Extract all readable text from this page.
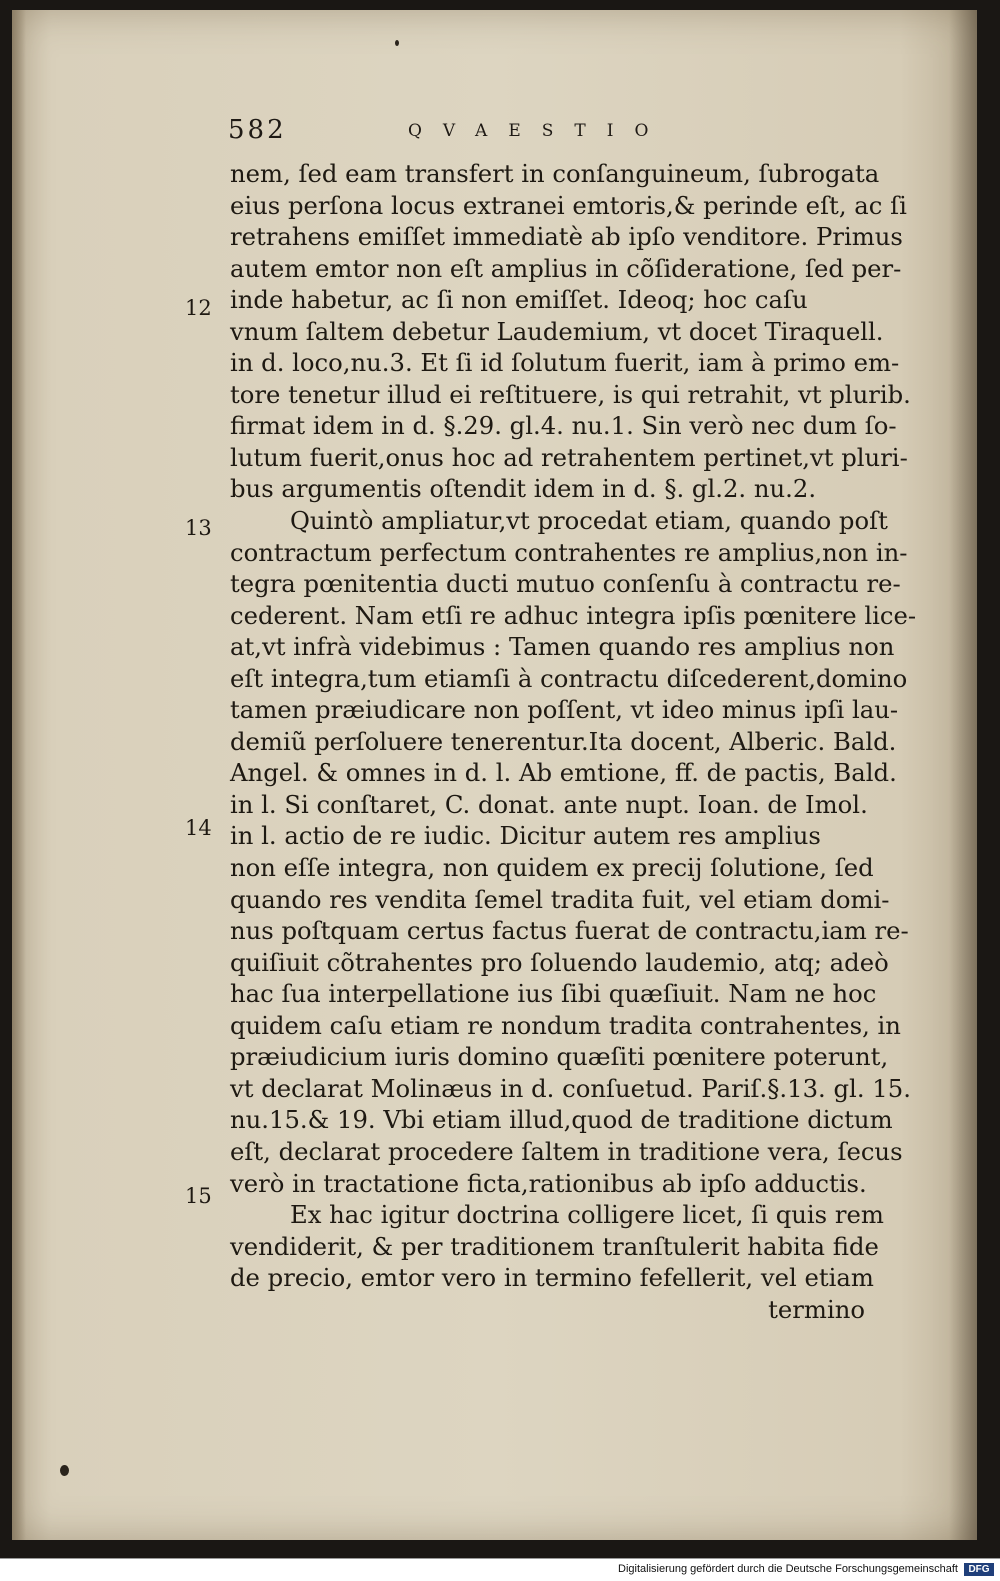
582	QVAESTIO
12
13
14
15
nem, ſed eam transfert in conſanguineum, ſubrogata
eius perſona locus extranei emtoris,& perinde eſt, ac ſi
retrahens emiſſet immediatè ab ipſo venditore. Primus
autem emtor non eſt amplius in cõſideratione, ſed per-
inde habetur, ac ſi non emiſſet. Ideoq; hoc caſu
vnum ſaltem debetur Laudemium, vt docet Tiraquell.
in d. loco,nu.3. Et ſi id ſolutum fuerit, iam à primo em-
tore tenetur illud ei reſtituere, is qui retrahit, vt plurib.
firmat idem in d. §.29. gl.4. nu.1. Sin verò nec dum ſo-
lutum fuerit,onus hoc ad retrahentem pertinet,vt pluri-
bus argumentis oſtendit idem in d. §. gl.2. nu.2.
Quintò ampliatur,vt procedat etiam, quando poſt
contractum perfectum contrahentes re amplius,non in-
tegra pœnitentia ducti mutuo conſenſu à contractu re-
cederent. Nam etſi re adhuc integra ipſis pœnitere lice-
at,vt infrà videbimus : Tamen quando res amplius non
eſt integra,tum etiamſi à contractu diſcederent,domino
tamen præiudicare non poſſent, vt ideo minus ipſi lau-
demiũ perſoluere tenerentur.Ita docent, Alberic. Bald.
Angel. & omnes in d. l. Ab emtione, ff. de pactis, Bald.
in l. Si conſtaret, C. donat. ante nupt. Ioan. de Imol.
in l. actio de re iudic. Dicitur autem res amplius
non eſſe integra, non quidem ex precij ſolutione, ſed
quando res vendita ſemel tradita fuit, vel etiam domi-
nus poſtquam certus factus fuerat de contractu,iam re-
quiſiuit cõtrahentes pro ſoluendo laudemio, atq; adeò
hac ſua interpellatione ius ſibi quæſiuit. Nam ne hoc
quidem caſu etiam re nondum tradita contrahentes, in
præiudicium iuris domino quæſiti pœnitere poterunt,
vt declarat Molinæus in d. conſuetud. Pariſ.§.13. gl. 15.
nu.15.& 19. Vbi etiam illud,quod de traditione dictum
eſt, declarat procedere ſaltem in traditione vera, ſecus
verò in tractatione ficta,rationibus ab ipſo adductis.
Ex hac igitur doctrina colligere licet, ſi quis rem
vendiderit, & per traditionem tranſtulerit habita fide
de precio, emtor vero in termino fefellerit, vel etiam
termino
Digitalisierung gefördert durch die Deutsche Forschungsgemeinschaft	DFG
